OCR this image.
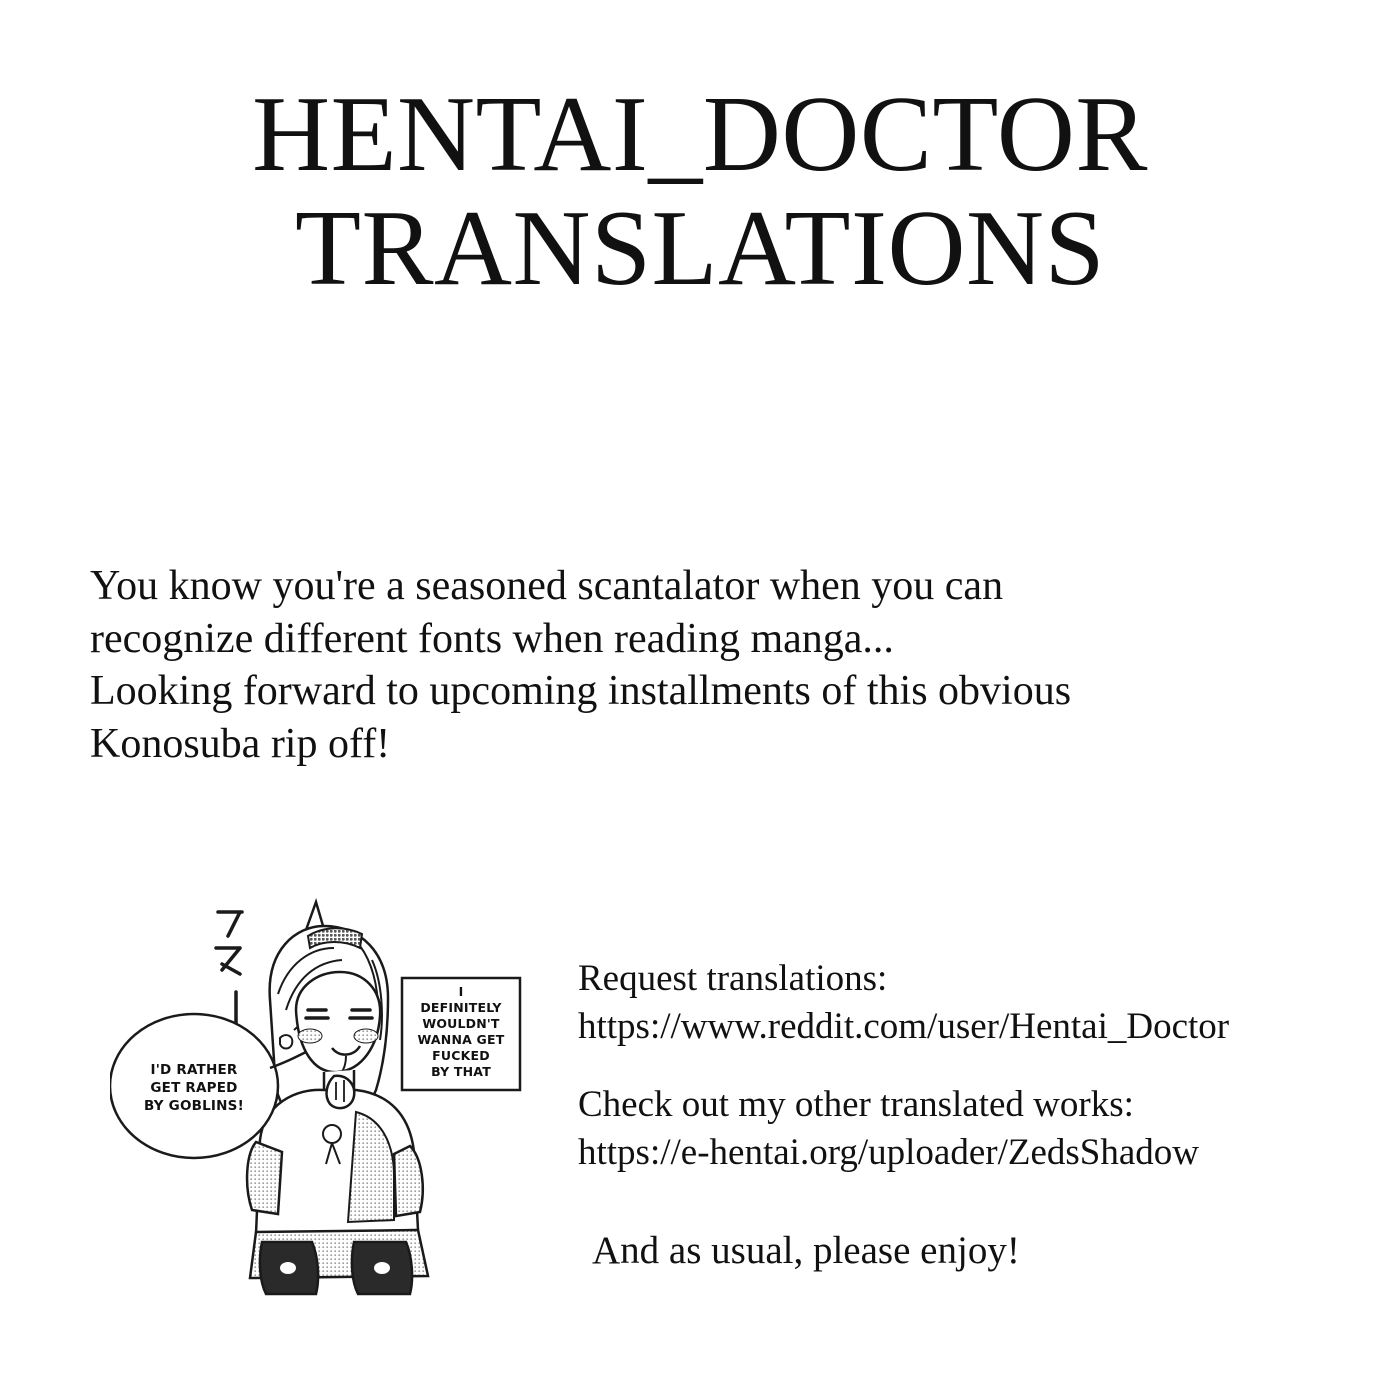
HENTAI_DOCTOR
TRANSLATIONS

You know you're a seasoned scantalator when you can

recognize different fonts when reading manga...

Looking forward to upcoming installments of this obvious

Konosuba rip off!

I'D RATHER
GET RAPED
BY GOBLINS!
I
DEFINITELY
WOULDN'T
WANNA GET
FUCKED
BY THAT
Request translations:
https://www.reddit.com/user/Hentai_Doctor
Check out my other translated works:
https://e-hentai.org/uploader/ZedsShadow
And as usual, please enjoy!
